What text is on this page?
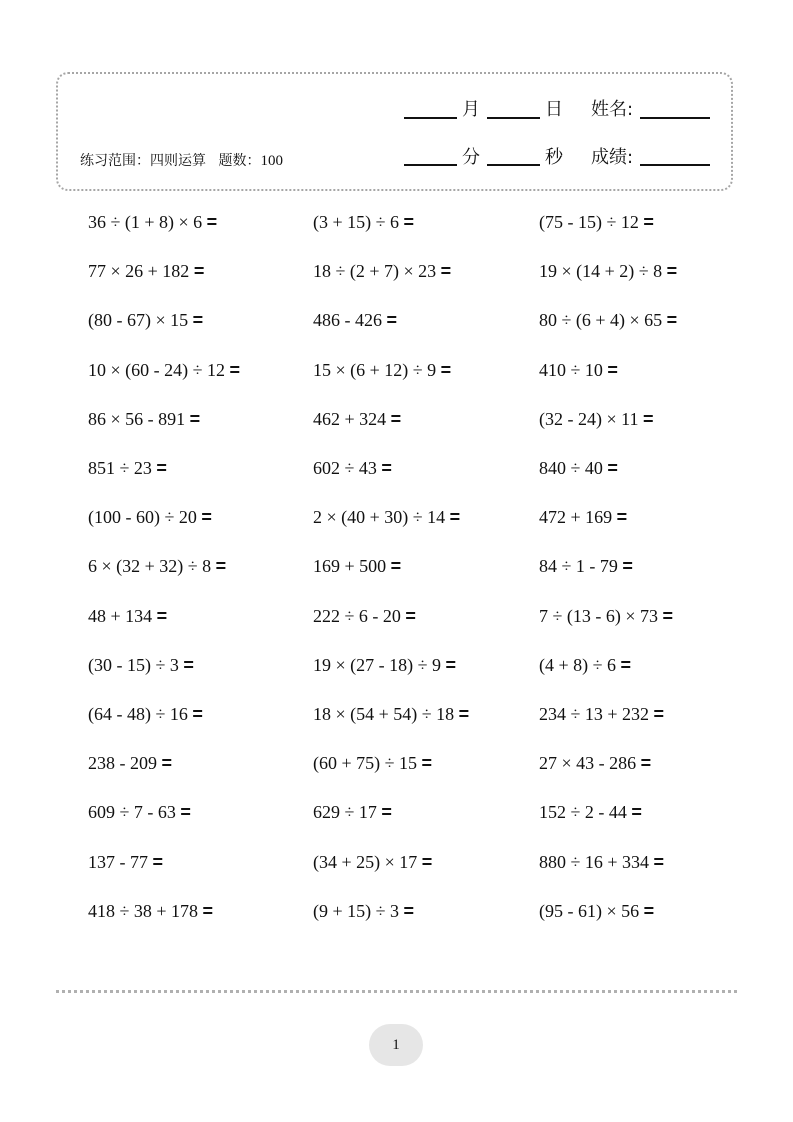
练习范围：四则运算 题数：100
月	日 姓名:
分	秒 成绩:
36 ÷ (1 + 8) × 6 =	(3 + 15) ÷ 6 =	(75 - 15) ÷ 12 =
77 × 26 + 182 =	18 ÷ (2 + 7) × 23 =	19 × (14 + 2) ÷ 8 =
(80 - 67) × 15 =	486 - 426 =	80 ÷ (6 + 4) × 65 =
10 × (60 - 24) ÷ 12 =	15 × (6 + 12) ÷ 9 =	410 ÷ 10 =
86 × 56 - 891 =	462 + 324 =	(32 - 24) × 11 =
851 ÷ 23 =	602 ÷ 43 =	840 ÷ 40 =
(100 - 60) ÷ 20 =	2 × (40 + 30) ÷ 14 =	472 + 169 =
6 × (32 + 32) ÷ 8 =	169 + 500 =	84 ÷ 1 - 79 =
48 + 134 =	222 ÷ 6 - 20 =	7 ÷ (13 - 6) × 73 =
(30 - 15) ÷ 3 =	19 × (27 - 18) ÷ 9 =	(4 + 8) ÷ 6 =
(64 - 48) ÷ 16 =	18 × (54 + 54) ÷ 18 =	234 ÷ 13 + 232 =
238 - 209 =	(60 + 75) ÷ 15 =	27 × 43 - 286 =
609 ÷ 7 - 63 =	629 ÷ 17 =	152 ÷ 2 - 44 =
137 - 77 =	(34 + 25) × 17 =	880 ÷ 16 + 334 =
418 ÷ 38 + 178 =	(9 + 15) ÷ 3 =	(95 - 61) × 56 =
1
